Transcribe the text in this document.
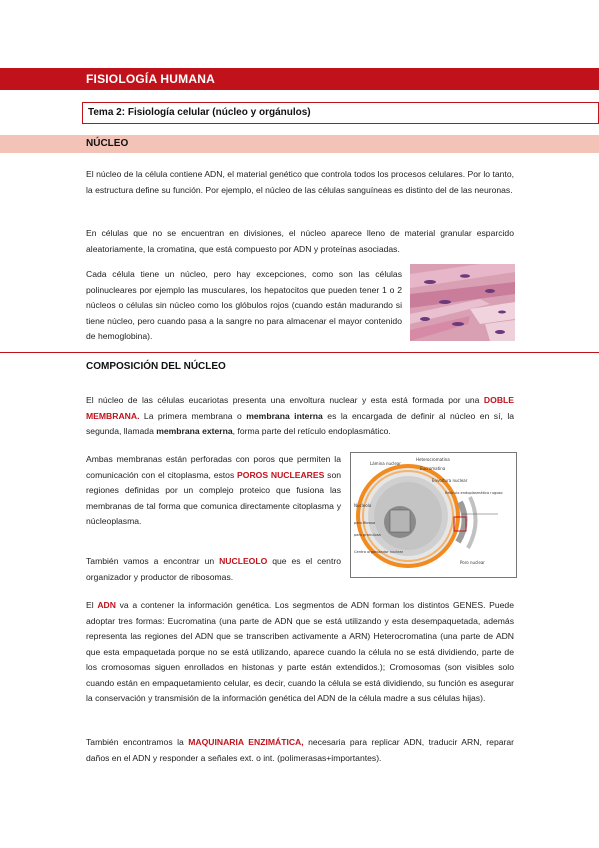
FISIOLOGÍA HUMANA
Tema 2: Fisiología celular (núcleo y orgánulos)
NÚCLEO
El núcleo de la célula contiene ADN, el material genético que controla todos los procesos celulares. Por lo tanto, la estructura define su función. Por ejemplo, el núcleo de las células sanguíneas es distinto del de las neuronas.
En células que no se encuentran en divisiones, el núcleo aparece lleno de material granular esparcido aleatoriamente, la cromatina, que está compuesto por ADN y proteínas asociadas.
Cada célula tiene un núcleo, pero hay excepciones, como son las células polinucleares por ejemplo las musculares, los hepatocitos que pueden tener 1 o 2 núcleos o células sin núcleo como los glóbulos rojos (cuando están madurando si tiene núcleo, pero cuando pasa a la sangre no para almacenar el mayor contenido de hemoglobina).
COMPOSICIÓN DEL NÚCLEO
El núcleo de las células eucariotas presenta una envoltura nuclear y esta está formada por una DOBLE MEMBRANA. La primera membrana o membrana interna es la encargada de definir al núcleo en sí, la segunda, llamada membrana externa, forma parte del retículo endoplasmático.
Ambas membranas están perforadas con poros que permiten la comunicación con el citoplasma, estos POROS NUCLEARES son regiones definidas por un complejo proteico que fusiona las membranas de tal forma que comunica directamente citoplasma y núcleoplasma.
También vamos a encontrar un NUCLEOLO que es el centro organizador y productor de ribosomas.
Lámina nuclear
Heterocromatina
Eucromatina
Envoltura nuclear
Retículo endoplasmático rugoso
Nucleolo
pars fibrosa
pars granulosa
Centro organizador nuclear
Poro nuclear
El ADN va a contener la información genética. Los segmentos de ADN forman los distintos GENES. Puede adoptar tres formas: Eucromatina (una parte de ADN que se está utilizando y esta desempaquetada, además representa las regiones del ADN que se transcriben activamente a ARN) Heterocromatina (una parte de ADN que esta empaquetada porque no se está utilizando, aparece cuando la célula no se está dividiendo, parte de los cromosomas siguen enrollados en histonas y parte están extendidos.); Cromosomas (son visibles solo cuando están en empaquetamiento celular, es decir, cuando la célula se está dividiendo, su función es asegurar la conservación y transmisión de la información genética del ADN de la célula madre a sus células hijas).
También encontramos la MAQUINARIA ENZIMÁTICA, necesaria para replicar ADN, traducir ARN, reparar daños en el ADN y responder a señales ext. o int. (polimerasas+importantes).
